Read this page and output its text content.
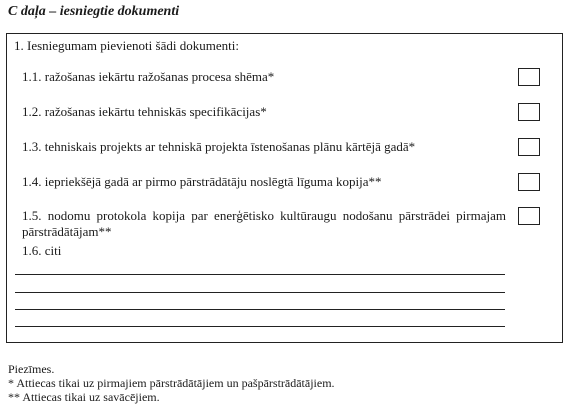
C daļa – iesniegtie dokumenti
1. Iesniegumam pievienoti šādi dokumenti:
1.1. ražošanas iekārtu ražošanas procesa shēma*
1.2. ražošanas iekārtu tehniskās specifikācijas*
1.3. tehniskais projekts ar tehniskā projekta īstenošanas plānu kārtējā gadā*
1.4. iepriekšējā gadā ar pirmo pārstrādātāju noslēgtā līguma kopija**
1.5. nodomu protokola kopija par enerģētisko kultūraugu nodošanu pārstrādei pirmajam pārstrādātājam**
1.6. citi
Piezīmes.
* Attiecas tikai uz pirmajiem pārstrādātājiem un pašpārstrādātājiem.
** Attiecas tikai uz savācējiem.
